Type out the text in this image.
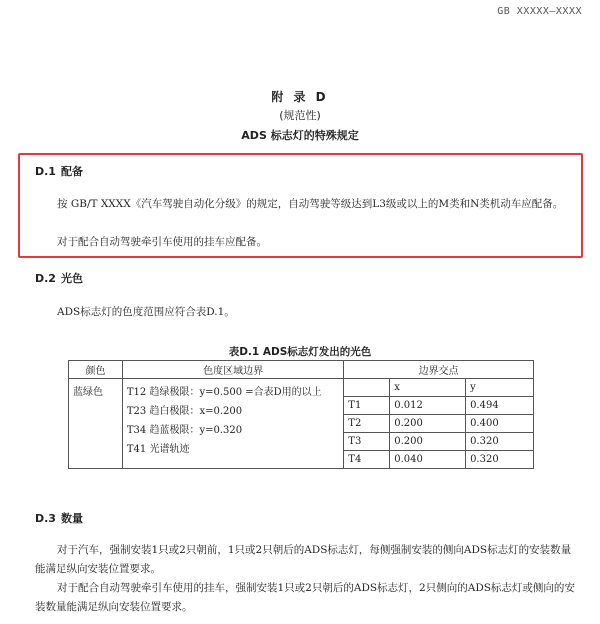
GB XXXXX—XXXX
附 录 D
(规范性)
ADS 标志灯的特殊规定
D.1 配备
按 GB/T XXXX《汽车驾驶自动化分级》的规定，自动驾驶等级达到L3级或以上的M类和N类机动车应配备。
对于配合自动驾驶牵引车使用的挂车应配备。
D.2 光色
ADS标志灯的色度范围应符合表D.1。
表D.1 ADS标志灯发出的光色
颜色	色度区域边界	边界交点		
蓝绿色	T12 趋绿极限：y=0.500 =合表D用的以上
T23 趋白极限：x=0.200
T34 趋蓝极限：y=0.320
T41 光谱轨迹		x	y
		T1	0.012	0.494
		T2	0.200	0.400
		T3	0.200	0.320
		T4	0.040	0.320
D.3 数量
对于汽车，强制安装1只或2只朝前，1只或2只朝后的ADS标志灯，每侧强制安装的侧向ADS标志灯的安装数量能满足纵向安装位置要求。
对于配合自动驾驶牵引车使用的挂车，强制安装1只或2只朝后的ADS标志灯，2只侧向的ADS标志灯或侧向的安装数量能满足纵向安装位置要求。
